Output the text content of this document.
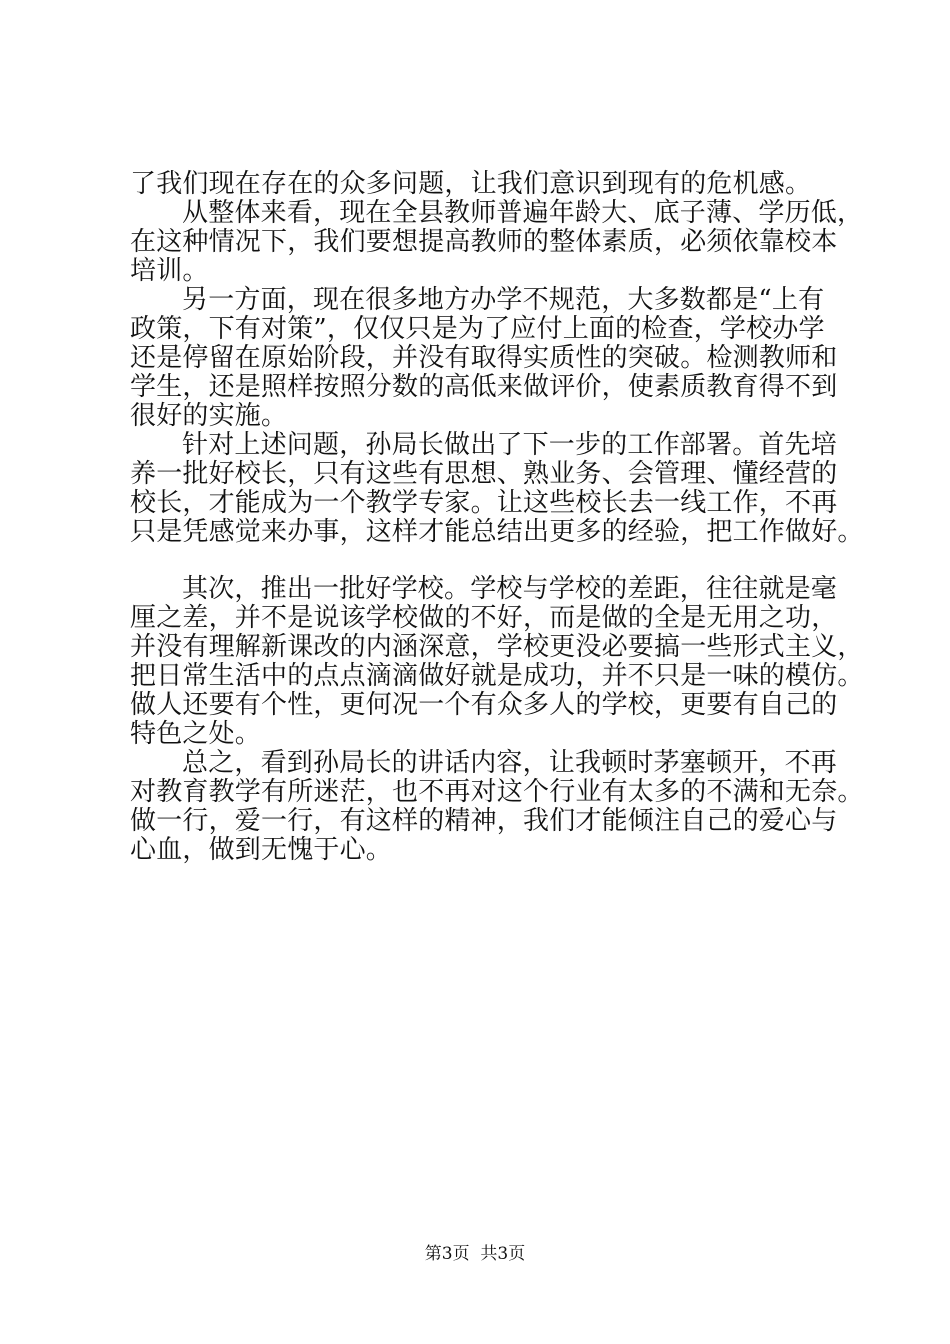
了我们现在存在的众多问题，让我们意识到现有的危机感。
从整体来看，现在全县教师普遍年龄大、底子薄、学历低，
在这种情况下，我们要想提高教师的整体素质，必须依靠校本
培训。
另一方面，现在很多地方办学不规范，大多数都是“上有
政策，下有对策”，仅仅只是为了应付上面的检查，学校办学
还是停留在原始阶段，并没有取得实质性的突破。检测教师和
学生，还是照样按照分数的高低来做评价，使素质教育得不到
很好的实施。
针对上述问题，孙局长做出了下一步的工作部署。首先培
养一批好校长，只有这些有思想、熟业务、会管理、懂经营的
校长，才能成为一个教学专家。让这些校长去一线工作，不再
只是凭感觉来办事，这样才能总结出更多的经验，把工作做好。
其次，推出一批好学校。学校与学校的差距，往往就是毫
厘之差，并不是说该学校做的不好，而是做的全是无用之功，
并没有理解新课改的内涵深意，学校更没必要搞一些形式主义，
把日常生活中的点点滴滴做好就是成功，并不只是一味的模仿。
做人还要有个性，更何况一个有众多人的学校，更要有自己的
特色之处。
总之，看到孙局长的讲话内容，让我顿时茅塞顿开，不再
对教育教学有所迷茫，也不再对这个行业有太多的不满和无奈。
做一行，爱一行，有这样的精神，我们才能倾注自己的爱心与
心血，做到无愧于心。
第3页  共3页
